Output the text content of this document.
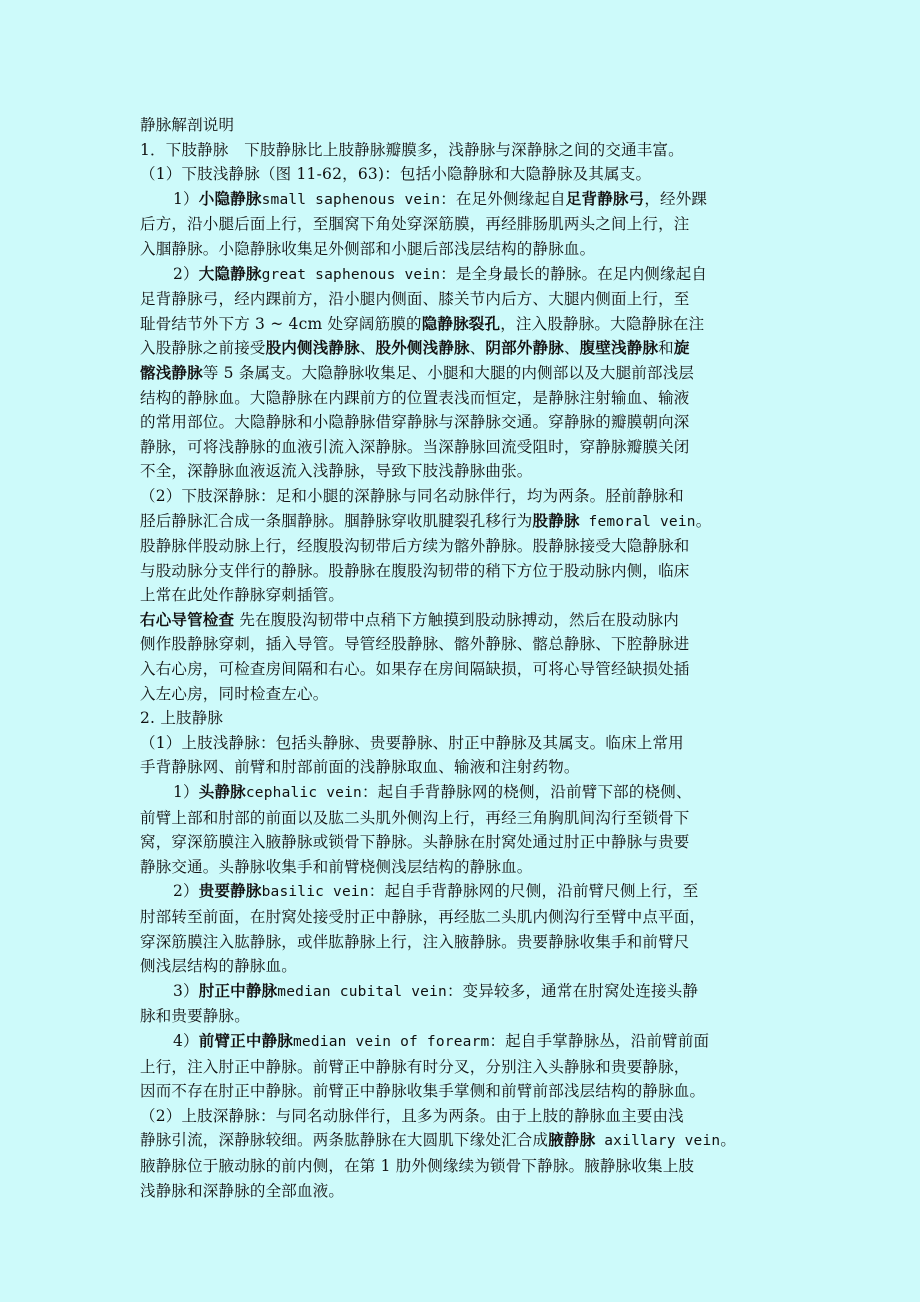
静脉解剖说明
1．下肢静脉　下肢静脉比上肢静脉瓣膜多，浅静脉与深静脉之间的交通丰富。
（1）下肢浅静脉（图 11-62，63)：包括小隐静脉和大隐静脉及其属支。
1）小隐静脉small saphenous vein：在足外侧缘起自足背静脉弓，经外踝
后方，沿小腿后面上行，至腘窝下角处穿深筋膜，再经腓肠肌两头之间上行，注
入腘静脉。小隐静脉收集足外侧部和小腿后部浅层结构的静脉血。
2）大隐静脉great saphenous vein：是全身最长的静脉。在足内侧缘起自
足背静脉弓，经内踝前方，沿小腿内侧面、膝关节内后方、大腿内侧面上行，至
耻骨结节外下方 3 ~ 4cm 处穿阔筋膜的隐静脉裂孔，注入股静脉。大隐静脉在注
入股静脉之前接受股内侧浅静脉、股外侧浅静脉、阴部外静脉、腹壁浅静脉和旋
髂浅静脉等 5 条属支。大隐静脉收集足、小腿和大腿的内侧部以及大腿前部浅层
结构的静脉血。大隐静脉在内踝前方的位置表浅而恒定，是静脉注射输血、输液
的常用部位。大隐静脉和小隐静脉借穿静脉与深静脉交通。穿静脉的瓣膜朝向深
静脉，可将浅静脉的血液引流入深静脉。当深静脉回流受阻时，穿静脉瓣膜关闭
不全，深静脉血液返流入浅静脉，导致下肢浅静脉曲张。
（2）下肢深静脉：足和小腿的深静脉与同名动脉伴行，均为两条。胫前静脉和
胫后静脉汇合成一条腘静脉。腘静脉穿收肌腱裂孔移行为股静脉 femoral vein。
股静脉伴股动脉上行，经腹股沟韧带后方续为髂外静脉。股静脉接受大隐静脉和
与股动脉分支伴行的静脉。股静脉在腹股沟韧带的稍下方位于股动脉内侧，临床
上常在此处作静脉穿刺插管。
右心导管检查 先在腹股沟韧带中点稍下方触摸到股动脉搏动，然后在股动脉内
侧作股静脉穿刺，插入导管。导管经股静脉、髂外静脉、髂总静脉、下腔静脉进
入右心房，可检查房间隔和右心。如果存在房间隔缺损，可将心导管经缺损处插
入左心房，同时检查左心。
2. 上肢静脉
（1）上肢浅静脉：包括头静脉、贵要静脉、肘正中静脉及其属支。临床上常用
手背静脉网、前臂和肘部前面的浅静脉取血、输液和注射药物。
1）头静脉cephalic vein：起自手背静脉网的桡侧，沿前臂下部的桡侧、
前臂上部和肘部的前面以及肱二头肌外侧沟上行，再经三角胸肌间沟行至锁骨下
窝，穿深筋膜注入腋静脉或锁骨下静脉。头静脉在肘窝处通过肘正中静脉与贵要
静脉交通。头静脉收集手和前臂桡侧浅层结构的静脉血。
2）贵要静脉basilic vein：起自手背静脉网的尺侧，沿前臂尺侧上行，至
肘部转至前面，在肘窝处接受肘正中静脉，再经肱二头肌内侧沟行至臂中点平面，
穿深筋膜注入肱静脉，或伴肱静脉上行，注入腋静脉。贵要静脉收集手和前臂尺
侧浅层结构的静脉血。
3）肘正中静脉median cubital vein：变异较多，通常在肘窝处连接头静
脉和贵要静脉。
4）前臂正中静脉median vein of forearm：起自手掌静脉丛，沿前臂前面
上行，注入肘正中静脉。前臂正中静脉有时分叉，分别注入头静脉和贵要静脉，
因而不存在肘正中静脉。前臂正中静脉收集手掌侧和前臂前部浅层结构的静脉血。
（2）上肢深静脉：与同名动脉伴行，且多为两条。由于上肢的静脉血主要由浅
静脉引流，深静脉较细。两条肱静脉在大圆肌下缘处汇合成腋静脉 axillary vein。
腋静脉位于腋动脉的前内侧，在第 1 肋外侧缘续为锁骨下静脉。腋静脉收集上肢
浅静脉和深静脉的全部血液。
